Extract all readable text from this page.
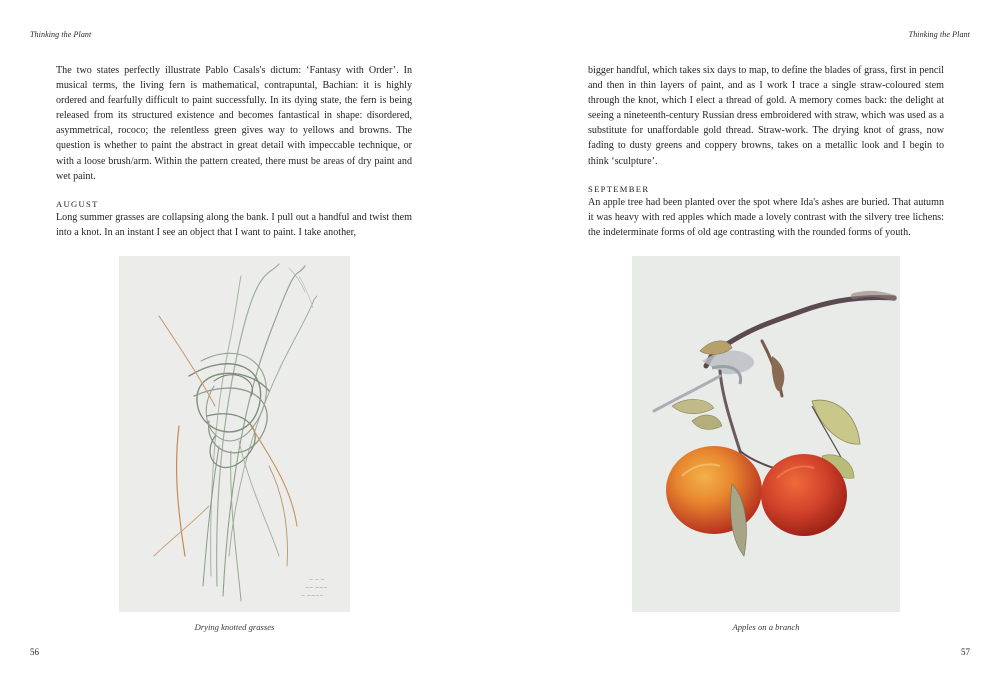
Thinking the Plant

The two states perfectly illustrate Pablo Casals's dictum: ‘Fantasy with Order’. In musical terms, the living fern is mathematical, contrapuntal, Bachian: it is highly ordered and fearfully difficult to paint successfully. In its dying state, the fern is being released from its structured existence and becomes fantastical in shape: disordered, asymmetrical, rococo; the relentless green gives way to yellows and browns. The question is whether to paint the abstract in great detail with impeccable technique, or with a loose brush/arm. Within the pattern created, there must be areas of dry paint and wet paint.

AUGUST

Long summer grasses are collapsing along the bank. I pull out a handful and twist them into a knot. In an instant I see an object that I want to paint. I take another,

~ ~ ~
~~ ~~~
~ ~~~~
Drying knotted grasses
56
Thinking the Plant

bigger handful, which takes six days to map, to define the blades of grass, first in pencil and then in thin layers of paint, and as I work I trace a single straw-coloured stem through the knot, which I elect a thread of gold. A memory comes back: the delight at seeing a nineteenth-century Russian dress embroidered with straw, which was used as a substitute for unaffordable gold thread. Straw-work. The drying knot of grass, now fading to dusty greens and coppery browns, takes on a metallic look and I begin to think ‘sculpture’.

SEPTEMBER

An apple tree had been planted over the spot where Ida's ashes are buried. That autumn it was heavy with red apples which made a lovely contrast with the silvery tree lichens: the indeterminate forms of old age contrasting with the rounded forms of youth.

Apples on a branch
57
